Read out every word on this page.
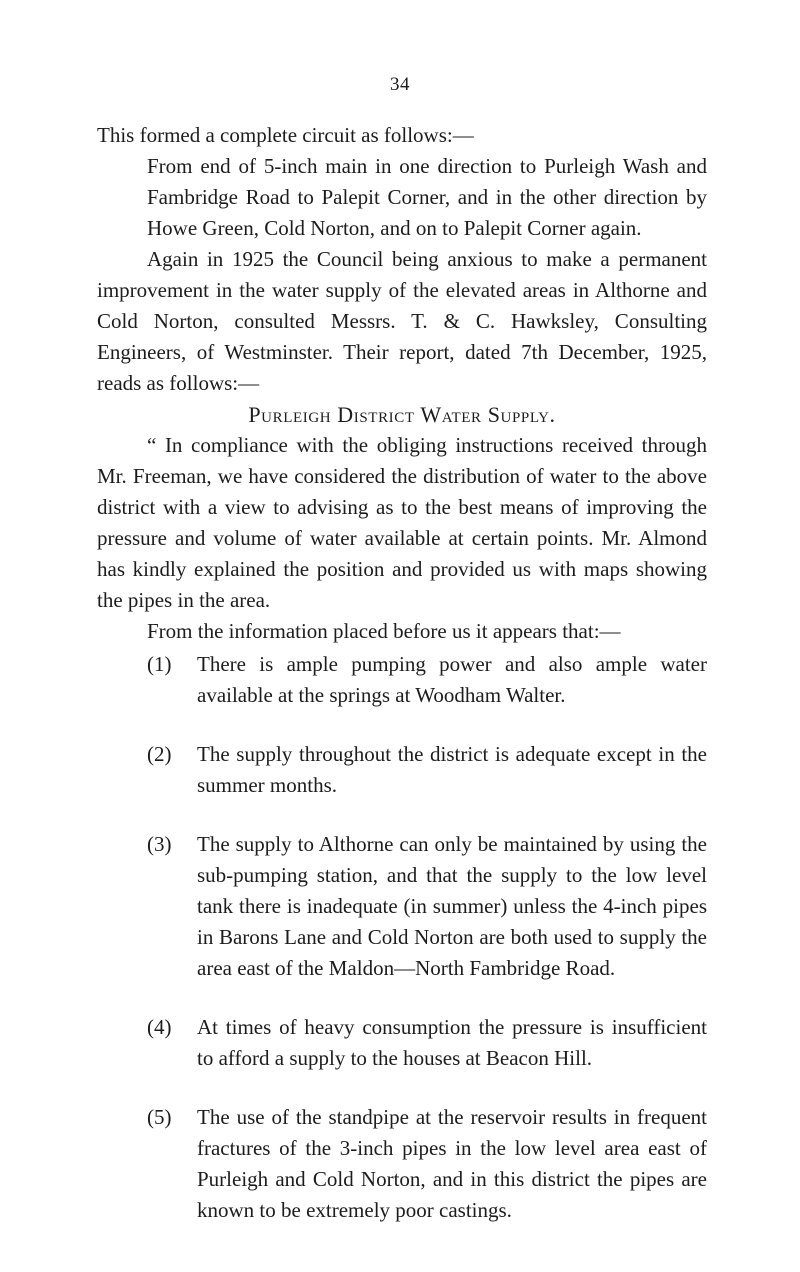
34

This formed a complete circuit as follows:—

From end of 5-inch main in one direction to Purleigh Wash and Fambridge Road to Palepit Corner, and in the other direction by Howe Green, Cold Norton, and on to Palepit Corner again.

Again in 1925 the Council being anxious to make a permanent improvement in the water supply of the elevated areas in Althorne and Cold Norton, consulted Messrs. T. & C. Hawksley, Consulting Engineers, of Westminster. Their report, dated 7th December, 1925, reads as follows:—

Purleigh District Water Supply.

“ In compliance with the obliging instructions received through Mr. Freeman, we have considered the distribution of water to the above district with a view to advising as to the best means of improving the pressure and volume of water available at certain points. Mr. Almond has kindly explained the position and provided us with maps showing the pipes in the area.

From the information placed before us it appears that:—

(1)	There is ample pumping power and also ample water available at the springs at Woodham Walter.
(2)	The supply throughout the district is adequate except in the summer months.
(3)	The supply to Althorne can only be maintained by using the sub-pumping station, and that the supply to the low level tank there is inadequate (in summer) unless the 4-inch pipes in Barons Lane and Cold Norton are both used to supply the area east of the Maldon—North Fambridge Road.
(4)	At times of heavy consumption the pressure is insufficient to afford a supply to the houses at Beacon Hill.
(5)	The use of the standpipe at the reservoir results in frequent fractures of the 3-inch pipes in the low level area east of Purleigh and Cold Norton, and in this district the pipes are known to be extremely poor castings.
